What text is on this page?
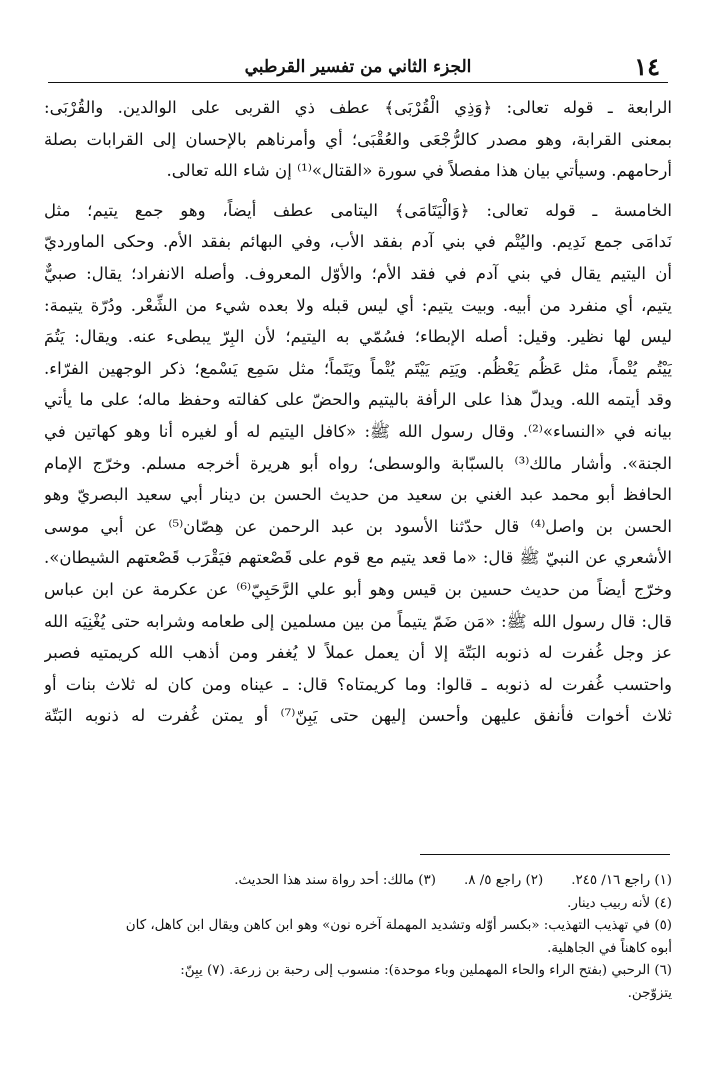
١٤
الجزء الثاني من تفسير القرطبي
الرابعة ـ قوله تعالى: ﴿وَذِي الْقُرْبَى﴾ عطف ذي القربى على الوالدين. والقُرْبَى:
بمعنى القرابة، وهو مصدر كالرُّجْعَى والعُقْبَى؛ أي وأمرناهم بالإحسان إلى القرابات بصلة
أرحامهم. وسيأتي بيان هذا مفصلاً في سورة «القتال»⁽¹⁾ إن شاء الله تعالى.
الخامسة ـ قوله تعالى: ﴿وَالْيَتَامَى﴾ اليتامى عطف أيضاً، وهو جمع يتيم؛ مثل
نَدامَى جمع نَدِيم. واليُتْم في بني آدم بفقد الأب، وفي البهائم بفقد الأم. وحكى الماورديّ
أن اليتيم يقال في بني آدم في فقد الأم؛ والأوّل المعروف. وأصله الانفراد؛ يقال: صبيٌّ
يتيم، أي منفرد من أبيه. وبيت يتيم: أي ليس قبله ولا بعده شيء من الشِّعْر. ودُرّة يتيمة:
ليس لها نظير. وقيل: أصله الإبطاء؛ فسُمّي به اليتيم؛ لأن البِرّ يبطىء عنه. ويقال: يَتُمَ
يَيْتُم يُتْماً، مثل عَظُم يَعْظُم. ويَتِم يَيْتَم يُتْماً ويَتَماً؛ مثل سَمِع يَسْمع؛ ذكر الوجهين الفرّاء.
وقد أيتمه الله. ويدلّ هذا على الرأفة باليتيم والحضّ على كفالته وحفظ ماله؛ على ما يأتي
بيانه في «النساء»⁽²⁾. وقال رسول الله ﷺ: «كافل اليتيم له أو لغيره أنا وهو كهاتين في
الجنة». وأشار مالك⁽³⁾ بالسبّابة والوسطى؛ رواه أبو هريرة أخرجه مسلم. وخرّج الإمام
الحافظ أبو محمد عبد الغني بن سعيد من حديث الحسن بن دينار أبي سعيد البصريّ وهو
الحسن بن واصل⁽⁴⁾ قال حدّثنا الأسود بن عبد الرحمن عن هِصّان⁽⁵⁾ عن أبي موسى
الأشعري عن النبيّ ﷺ قال: «ما قعد يتيم مع قوم على قَصْعتهم فيَقْرَب قَصْعتهم الشيطان».
وخرّج أيضاً من حديث حسين بن قيس وهو أبو علي الرَّحَبِيّ⁽⁶⁾ عن عكرمة عن ابن عباس
قال: قال رسول الله ﷺ: «مَن ضَمّ يتيماً من بين مسلمين إلى طعامه وشرابه حتى يُغْنِيَه الله
عز وجل غُفرت له ذنوبه البَتّة إلا أن يعمل عملاً لا يُغفر ومن أذهب الله كريمتيه فصبر
واحتسب غُفرت له ذنوبه ـ قالوا: وما كريمتاه؟ قال: ـ عيناه ومن كان له ثلاث بنات أو
ثلاث أخوات فأنفق عليهن وأحسن إليهن حتى يَبِنّ⁽⁷⁾ أو يمتن غُفرت له ذنوبه البَتّة
(١) راجع ١٦/ ٢٤٥.
(٢) راجع ٥/ ٨.
(٣) مالك: أحد رواة سند هذا الحديث.
(٤) لأنه ربيب دينار.
(٥) في تهذيب التهذيب: «بكسر أوّله وتشديد المهملة آخره نون» وهو ابن كاهن ويقال ابن كاهل، كان
أبوه كاهناً في الجاهلية.
(٦) الرحبي (بفتح الراء والحاء المهملين وباء موحدة): منسوب إلى رحبة بن زرعة. (٧) يبِنّ:
يتزوّجن.
